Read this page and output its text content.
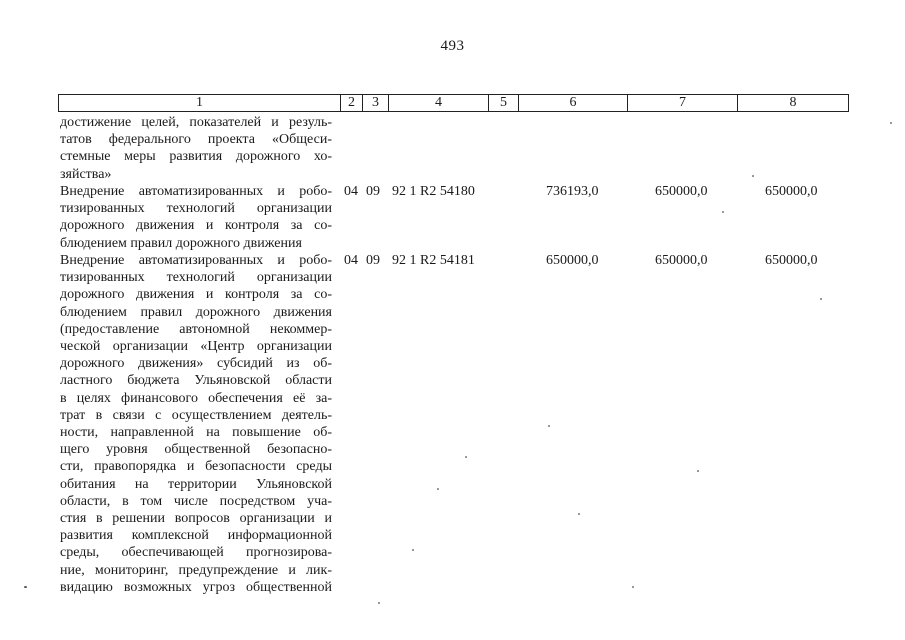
493
1	2	3	4	5	6	7	8
достижение целей, показателей и резуль-
татов федерального проекта «Общеси-
стемные меры развития дорожного хо-
зяйства»
Внедрение автоматизированных и робо-
тизированных технологий организации
дорожного движения и контроля за со-
блюдением правил дорожного движения
04 09 92 1 R2 54180	736193,0	650000,0	650000,0
Внедрение автоматизированных и робо-
тизированных технологий организации
дорожного движения и контроля за со-
блюдением правил дорожного движения
(предоставление автономной некоммер-
ческой организации «Центр организации
дорожного движения» субсидий из об-
ластного бюджета Ульяновской области
в целях финансового обеспечения её за-
трат в связи с осуществлением деятель-
ности, направленной на повышение об-
щего уровня общественной безопасно-
сти, правопорядка и безопасности среды
обитания на территории Ульяновской
области, в том числе посредством уча-
стия в решении вопросов организации и
развития комплексной информационной
среды, обеспечивающей прогнозирова-
ние, мониторинг, предупреждение и лик-
видацию возможных угроз общественной
04 09 92 1 R2 54181	650000,0	650000,0	650000,0
